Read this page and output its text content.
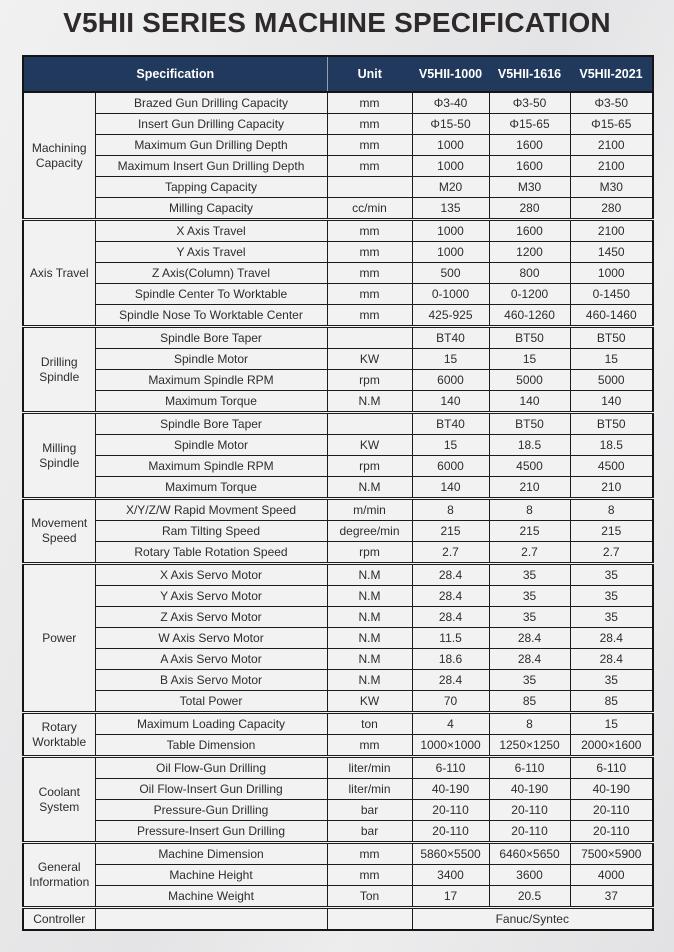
V5HII SERIES MACHINE SPECIFICATION
Specification		Unit	V5HII-1000	V5HII-1616	V5HII-2021
Machining Capacity	Brazed Gun Drilling Capacity	mm	Φ3-40	Φ3-50	Φ3-50
	Insert Gun Drilling Capacity	mm	Φ15-50	Φ15-65	Φ15-65
	Maximum Gun Drilling Depth	mm	1000	1600	2100
	Maximum Insert Gun Drilling Depth	mm	1000	1600	2100
	Tapping Capacity		M20	M30	M30
	Milling Capacity	cc/min	135	280	280
Axis Travel	X Axis Travel	mm	1000	1600	2100
	Y Axis Travel	mm	1000	1200	1450
	Z Axis(Column) Travel	mm	500	800	1000
	Spindle Center To Worktable	mm	0-1000	0-1200	0-1450
	Spindle Nose To Worktable Center	mm	425-925	460-1260	460-1460
Drilling Spindle	Spindle Bore Taper		BT40	BT50	BT50
	Spindle Motor	KW	15	15	15
	Maximum Spindle RPM	rpm	6000	5000	5000
	Maximum Torque	N.M	140	140	140
Milling Spindle	Spindle Bore Taper		BT40	BT50	BT50
	Spindle Motor	KW	15	18.5	18.5
	Maximum Spindle RPM	rpm	6000	4500	4500
	Maximum Torque	N.M	140	210	210
Movement Speed	X/Y/Z/W Rapid Movment Speed	m/min	8	8	8
	Ram Tilting Speed	degree/min	215	215	215
	Rotary Table Rotation Speed	rpm	2.7	2.7	2.7
Power	X Axis Servo Motor	N.M	28.4	35	35
	Y Axis Servo Motor	N.M	28.4	35	35
	Z Axis Servo Motor	N.M	28.4	35	35
	W Axis Servo Motor	N.M	11.5	28.4	28.4
	A Axis Servo Motor	N.M	18.6	28.4	28.4
	B Axis Servo Motor	N.M	28.4	35	35
	Total Power	KW	70	85	85
Rotary Worktable	Maximum Loading Capacity	ton	4	8	15
	Table Dimension	mm	1000×1000	1250×1250	2000×1600
Coolant System	Oil Flow-Gun Drilling	liter/min	6-110	6-110	6-110
	Oil Flow-Insert Gun Drilling	liter/min	40-190	40-190	40-190
	Pressure-Gun Drilling	bar	20-110	20-110	20-110
	Pressure-Insert Gun Drilling	bar	20-110	20-110	20-110
General Information	Machine Dimension	mm	5860×5500	6460×5650	7500×5900
	Machine Height	mm	3400	3600	4000
	Machine Weight	Ton	17	20.5	37
Controller			Fanuc/Syntec		
